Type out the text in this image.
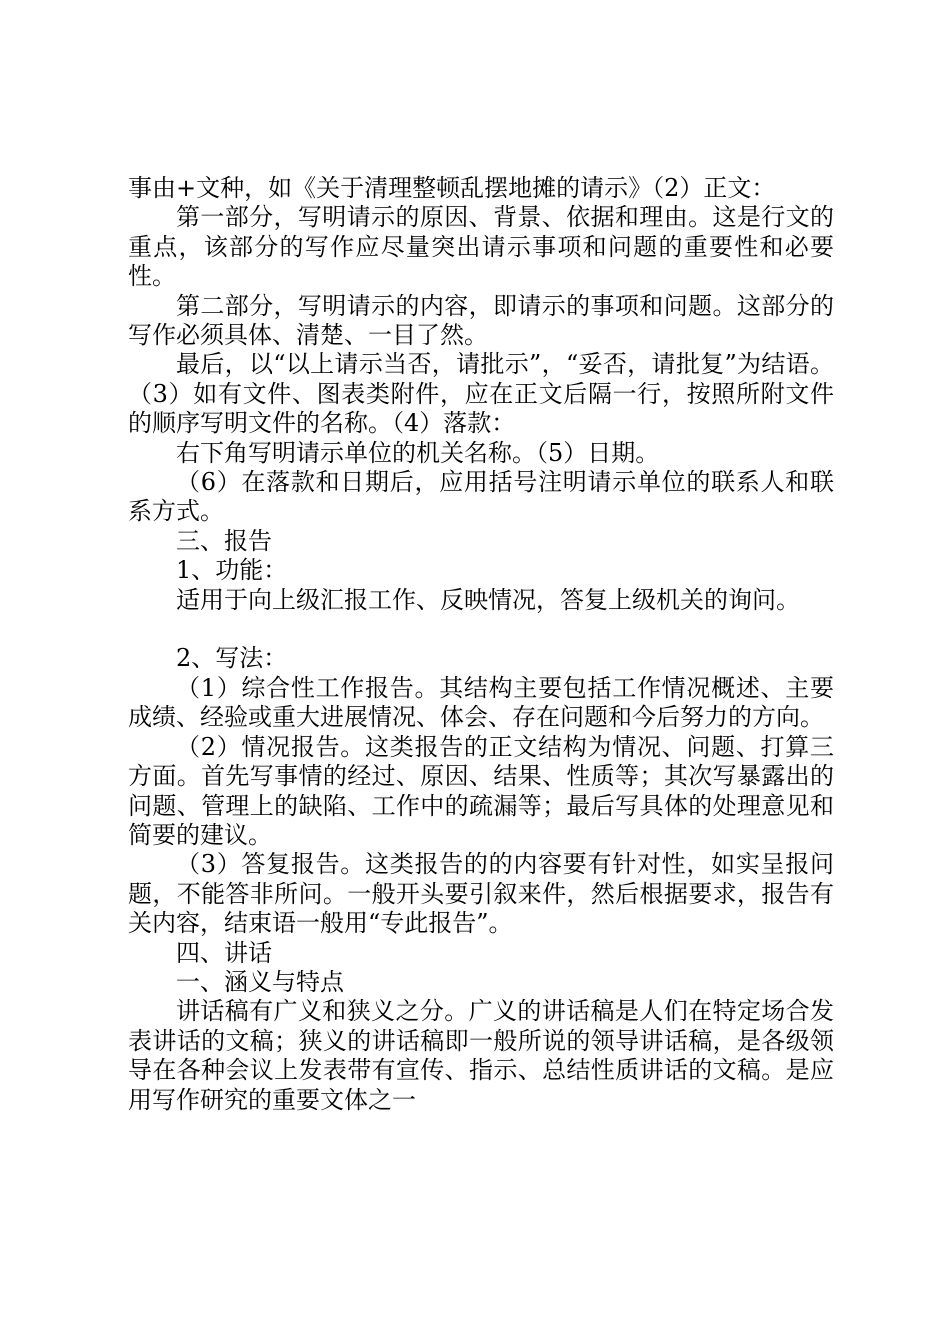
事由+文种，如《关于清理整顿乱摆地摊的请示》（2）正文：

第一部分，写明请示的原因、背景、依据和理由。这是行文的重点，该部分的写作应尽量突出请示事项和问题的重要性和必要性。

第二部分，写明请示的内容，即请示的事项和问题。这部分的写作必须具体、清楚、一目了然。

最后，以“以上请示当否，请批示”，“妥否，请批复”为结语。（3）如有文件、图表类附件，应在正文后隔一行，按照所附文件的顺序写明文件的名称。（4）落款：

右下角写明请示单位的机关名称。（5）日期。

（6）在落款和日期后，应用括号注明请示单位的联系人和联系方式。

三、报告

1、功能：

适用于向上级汇报工作、反映情况，答复上级机关的询问。

2、写法：

（1）综合性工作报告。其结构主要包括工作情况概述、主要成绩、经验或重大进展情况、体会、存在问题和今后努力的方向。

（2）情况报告。这类报告的正文结构为情况、问题、打算三方面。首先写事情的经过、原因、结果、性质等；其次写暴露出的问题、管理上的缺陷、工作中的疏漏等；最后写具体的处理意见和简要的建议。

（3）答复报告。这类报告的的内容要有针对性，如实呈报问题，不能答非所问。一般开头要引叙来件，然后根据要求，报告有关内容，结束语一般用“专此报告”。

四、讲话

一、涵义与特点

讲话稿有广义和狭义之分。广义的讲话稿是人们在特定场合发表讲话的文稿；狭义的讲话稿即一般所说的领导讲话稿，是各级领导在各种会议上发表带有宣传、指示、总结性质讲话的文稿。是应用写作研究的重要文体之一
